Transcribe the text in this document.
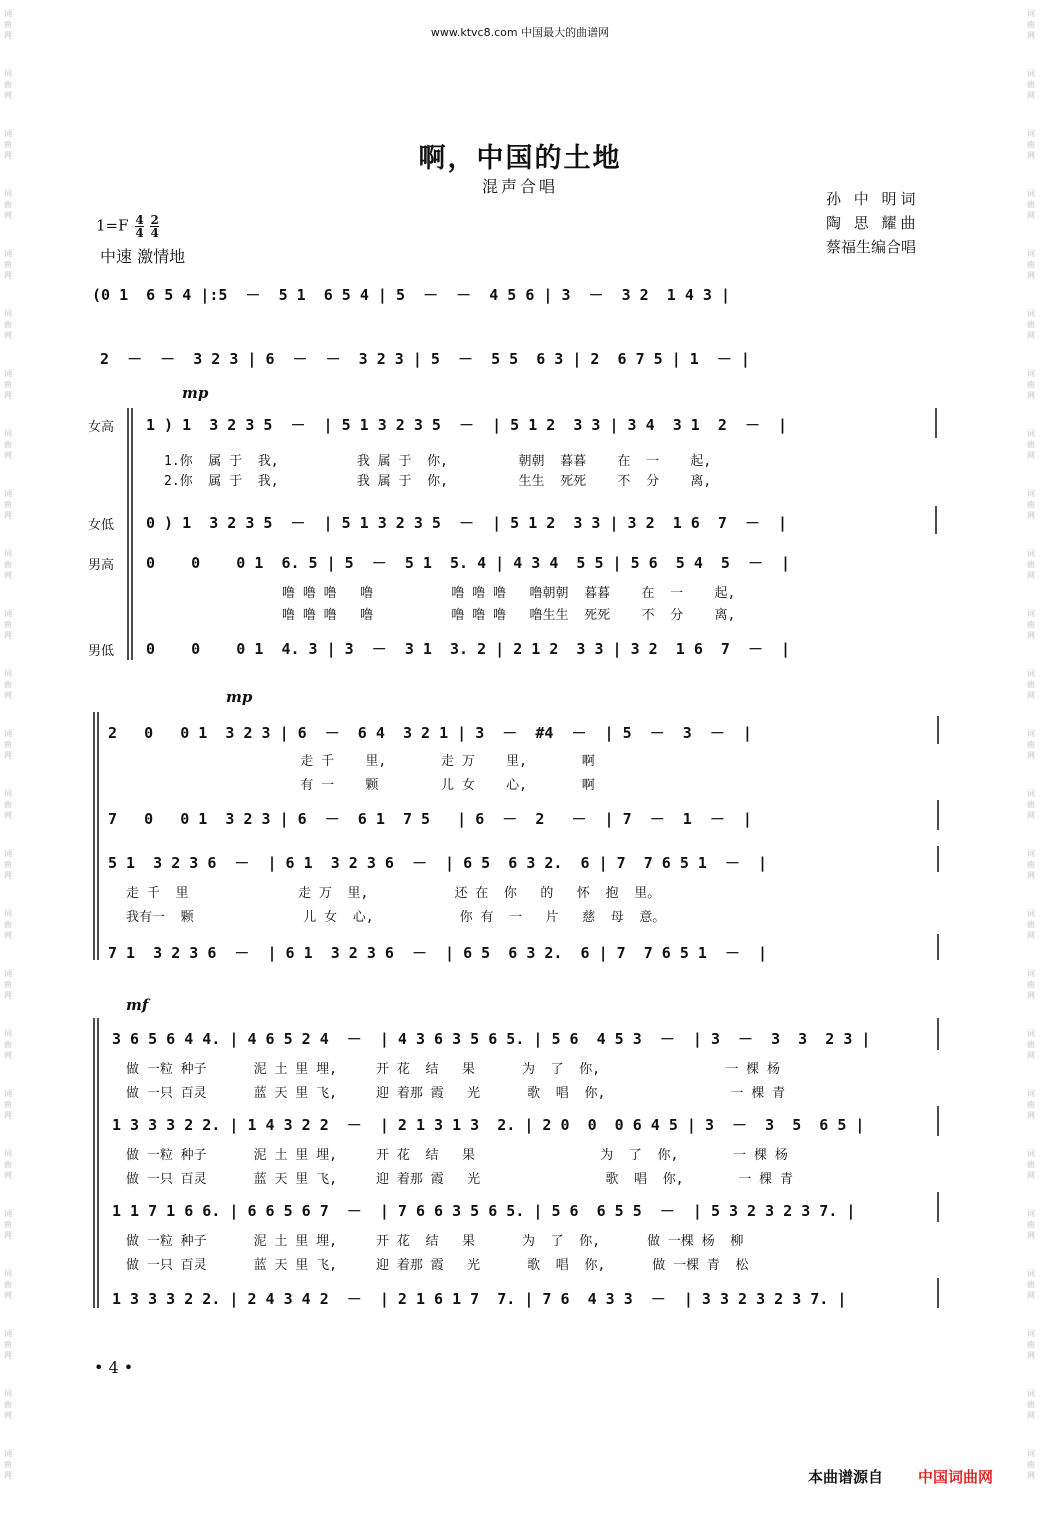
www.ktvc8.com 中国最大的曲谱网
词曲网
词曲网
词曲网
词曲网
词曲网
词曲网
词曲网
词曲网
词曲网
词曲网
词曲网
词曲网
词曲网
词曲网
词曲网
词曲网
词曲网
词曲网
词曲网
词曲网
词曲网
词曲网
词曲网
词曲网
词曲网
词曲网
词曲网
词曲网
词曲网
词曲网
词曲网
词曲网
词曲网
词曲网
词曲网
词曲网
词曲网
词曲网
词曲网
词曲网
词曲网
词曲网
词曲网
词曲网
词曲网
词曲网
词曲网
词曲网
词曲网
词曲网
啊，中国的土地
混声合唱
孙 中 明词
陶 思 耀曲
蔡福生编合唱
$1=F \frac{4}{4}$
$\frac{2}{4}$
中速 激情地
(0 1  6 5 4 |:5  －  5 1  6 5 4 | 5  －  －  4 5 6 | 3  －  3 2  1 4 3 |
2  －  －  3 2 3 | 6  －  －  3 2 3 | 5  －  5 5  6 3 | 2  6 7 5 | 1  － |
mp
女高 1 ) 1  3 2 3 5  －  | 5 1 3 2 3 5  －  | 5 1 2  3 3 | 3 4  3 1  2  －  |
1.你  属 于  我,          我 属 于  你,         朝朝  暮暮    在  一    起,
2.你  属 于  我,          我 属 于  你,         生生  死死    不  分    离,
女低 0 ) 1  3 2 3 5  －  | 5 1 3 2 3 5  －  | 5 1 2  3 3 | 3 2  1 6  7  －  |
男高 0    0    0 1  6. 5 | 5  －  5 1  5. 4 | 4 3 4  5 5 | 5 6  5 4  5  －  |
噜 噜 噜   噜          噜 噜 噜   噜朝朝  暮暮    在  一    起,
噜 噜 噜   噜          噜 噜 噜   噜生生  死死    不  分    离,
男低 0    0    0 1  4. 3 | 3  －  3 1  3. 2 | 2 1 2  3 3 | 3 2  1 6  7  －  |
mp
2   0   0 1  3 2 3 | 6  －  6 4  3 2 1 | 3  －  #4  －  | 5  －  3  －  |
走 千    里,       走 万    里,       啊
有 一    颗        儿 女    心,       啊
7   0   0 1  3 2 3 | 6  －  6 1  7 5   | 6  －  2   －  | 7  －  1  －  |
5 1  3 2 3 6  －  | 6 1  3 2 3 6  －  | 6 5  6 3 2.  6 | 7  7 6 5 1  －  |
走 千  里              走 万  里,           还 在  你   的   怀  抱  里。
我有一  颗              儿 女  心,           你 有  一   片   慈  母  意。
7 1  3 2 3 6  －  | 6 1  3 2 3 6  －  | 6 5  6 3 2.  6 | 7  7 6 5 1  －  |
mf
3 6 5 6 4 4. | 4 6 5 2 4  －  | 4 3 6 3 5 6 5. | 5 6  4 5 3  －  | 3  －  3  3  2 3 |
做 一粒 种子      泥 土 里 埋,     开 花  结   果      为  了  你,                一 棵 杨
做 一只 百灵      蓝 天 里 飞,     迎 着那 霞   光      歌  唱  你,                一 棵 青
1 3 3 3 2 2. | 1 4 3 2 2  －  | 2 1 3 1 3  2. | 2 0  0  0 6 4 5 | 3  －  3  5  6 5 |
做 一粒 种子      泥 土 里 埋,     开 花  结   果                为  了  你,       一 棵 杨
做 一只 百灵      蓝 天 里 飞,     迎 着那 霞   光                歌  唱  你,       一 棵 青
1 1 7 1 6 6. | 6 6 5 6 7  －  | 7 6 6 3 5 6 5. | 5 6  6 5 5  －  | 5 3 2 3 2 3 7. |
做 一粒 种子      泥 土 里 埋,     开 花  结   果      为  了  你,      做 一棵 杨  柳
做 一只 百灵      蓝 天 里 飞,     迎 着那 霞   光      歌  唱  你,      做 一棵 青  松
1 3 3 3 2 2. | 2 4 3 4 2  －  | 2 1 6 1 7  7. | 7 6  4 3 3  －  | 3 3 2 3 2 3 7. |
• 4 •
本曲谱源自 中国词曲网
